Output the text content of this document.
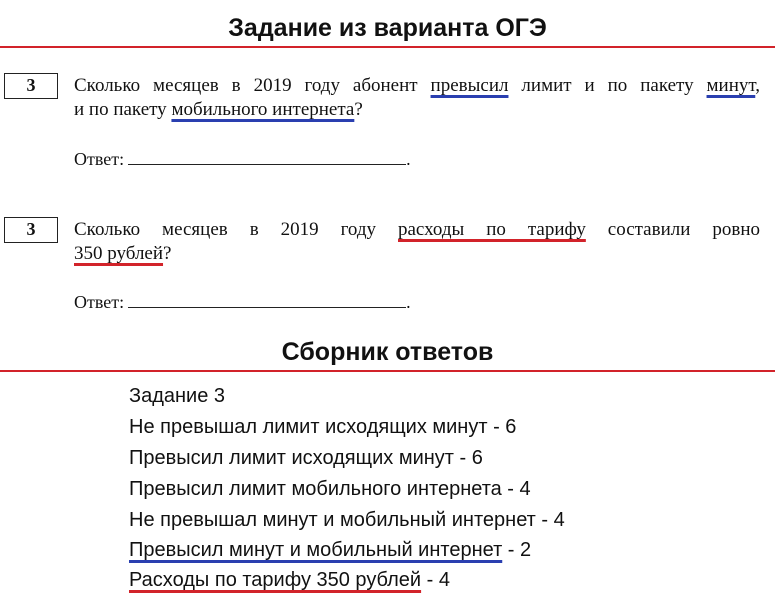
Задание из варианта ОГЭ
3	Сколько месяцев в 2019 году абонент превысил лимит и по пакету минут,
и по пакету мобильного интернета?
Ответ:	.
3	Сколько месяцев в 2019 году расходы по тарифу составили ровно
350 рублей?
Ответ:	.
Сборник ответов
Задание 3
Не превышал лимит исходящих минут - 6
Превысил лимит исходящих минут - 6
Превысил лимит мобильного интернета - 4
Не превышал минут и мобильный интернет - 4
Превысил минут и мобильный интернет - 2
Расходы по тарифу 350 рублей - 4
